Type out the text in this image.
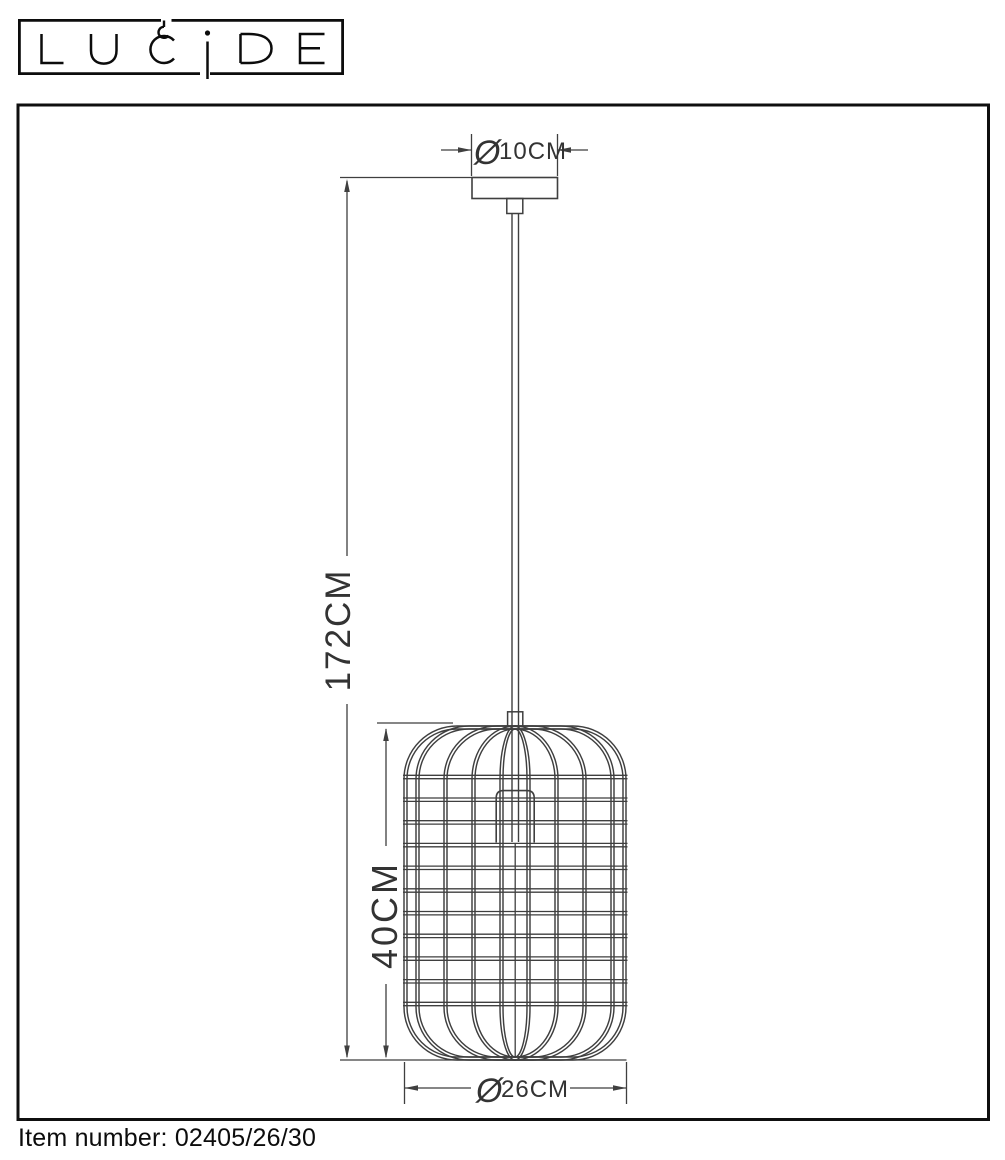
Ø
10CM
172CM
40CM
Ø
26CM
Item number: 02405/26/30
